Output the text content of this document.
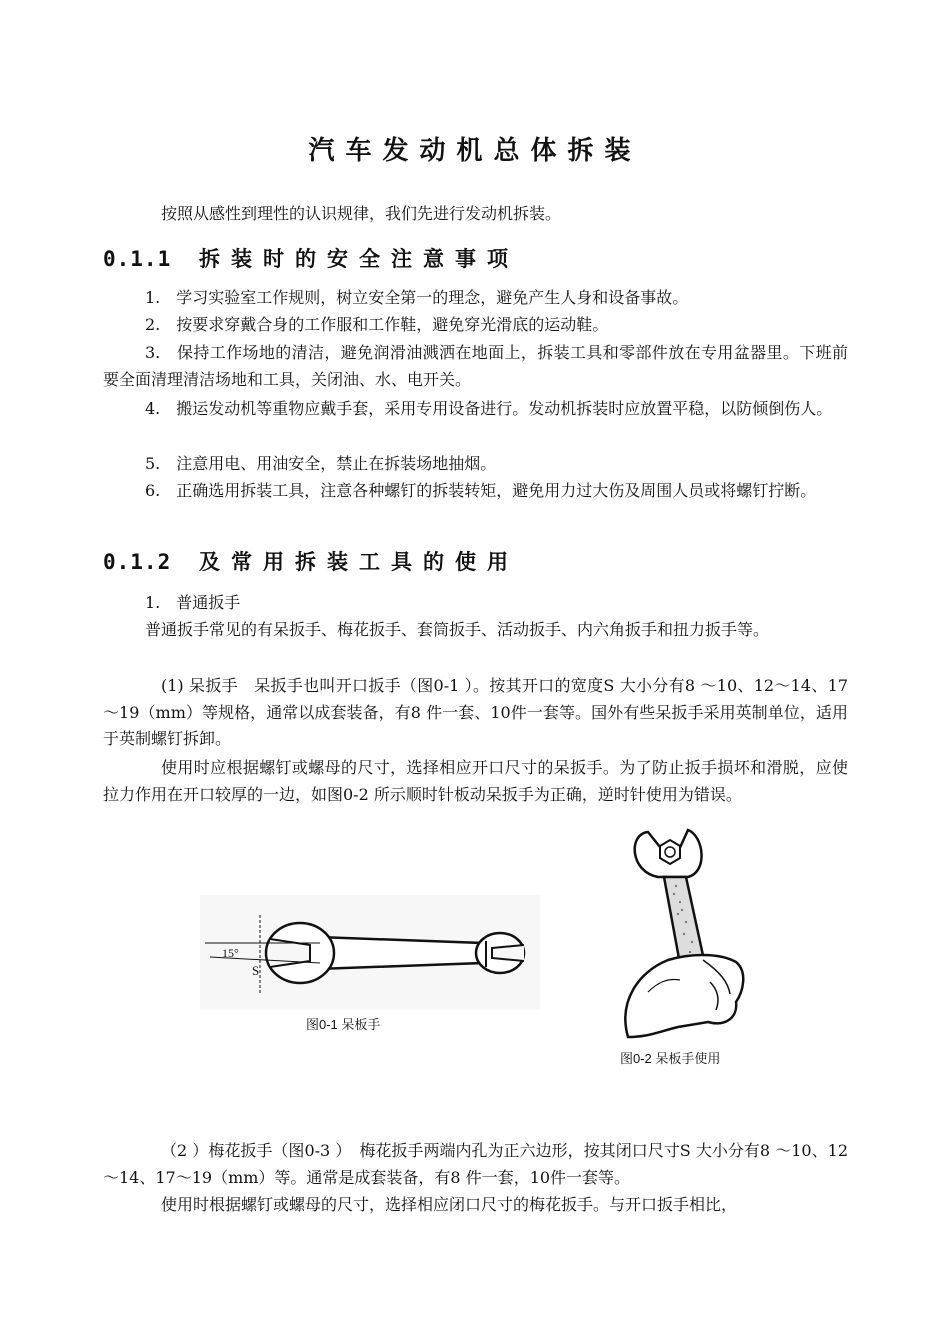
汽车发动机总体拆装

按照从感性到理性的认识规律，我们先进行发动机拆装。

0.1.1 拆装时的安全注意事项

1.　学习实验室工作规则，树立安全第一的理念，避免产生人身和设备事故。

2.　按要求穿戴合身的工作服和工作鞋，避免穿光滑底的运动鞋。

3.　保持工作场地的清洁，避免润滑油溅洒在地面上，拆装工具和零部件放在专用盆器里。下班前要全面清理清洁场地和工具，关闭油、水、电开关。

4.　搬运发动机等重物应戴手套，采用专用设备进行。发动机拆装时应放置平稳，以防倾倒伤人。

5.　注意用电、用油安全，禁止在拆装场地抽烟。

6.　正确选用拆装工具，注意各种螺钉的拆装转矩，避免用力过大伤及周围人员或将螺钉拧断。

0.1.2 及常用拆装工具的使用

1.　普通扳手

普通扳手常见的有呆扳手、梅花扳手、套筒扳手、活动扳手、内六角扳手和扭力扳手等。

(1) 呆扳手　呆扳手也叫开口扳手（图0-1 ）。按其开口的宽度S 大小分有8 ～10、12～14、17～19（mm）等规格，通常以成套装备，有8 件一套、10件一套等。国外有些呆扳手采用英制单位，适用于英制螺钉拆卸。

使用时应根据螺钉或螺母的尺寸，选择相应开口尺寸的呆扳手。为了防止扳手损坏和滑脱，应使拉力作用在开口较厚的一边，如图0-2 所示顺时针板动呆扳手为正确，逆时针使用为错误。

15°
S
图0-1 呆板手
图0-2 呆板手使用

（2 ）梅花扳手（图0-3 ）　梅花扳手两端内孔为正六边形，按其闭口尺寸S 大小分有8 ～10、12～14、17～19（mm）等。通常是成套装备，有8 件一套，10件一套等。

使用时根据螺钉或螺母的尺寸，选择相应闭口尺寸的梅花扳手。与开口扳手相比，
